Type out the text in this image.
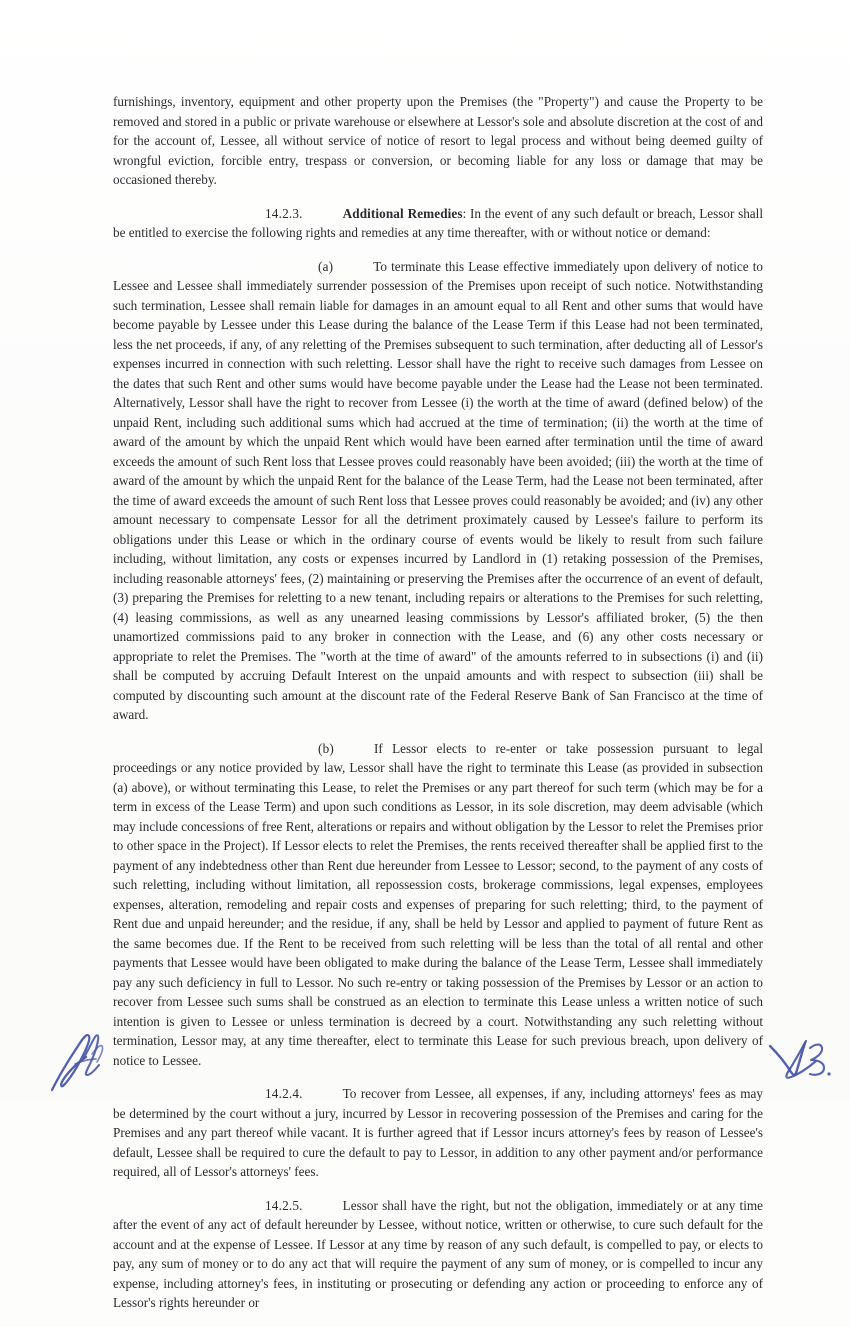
furnishings, inventory, equipment and other property upon the Premises (the "Property") and cause the Property to be removed and stored in a public or private warehouse or elsewhere at Lessor's sole and absolute discretion at the cost of and for the account of, Lessee, all without service of notice of resort to legal process and without being deemed guilty of wrongful eviction, forcible entry, trespass or conversion, or becoming liable for any loss or damage that may be occasioned thereby.

14.2.3.	Additional Remedies: In the event of any such default or breach, Lessor shall be entitled to exercise the following rights and remedies at any time thereafter, with or without notice or demand:

(a)	To terminate this Lease effective immediately upon delivery of notice to Lessee and Lessee shall immediately surrender possession of the Premises upon receipt of such notice. Notwithstanding such termination, Lessee shall remain liable for damages in an amount equal to all Rent and other sums that would have become payable by Lessee under this Lease during the balance of the Lease Term if this Lease had not been terminated, less the net proceeds, if any, of any reletting of the Premises subsequent to such termination, after deducting all of Lessor's expenses incurred in connection with such reletting. Lessor shall have the right to receive such damages from Lessee on the dates that such Rent and other sums would have become payable under the Lease had the Lease not been terminated. Alternatively, Lessor shall have the right to recover from Lessee (i) the worth at the time of award (defined below) of the unpaid Rent, including such additional sums which had accrued at the time of termination; (ii) the worth at the time of award of the amount by which the unpaid Rent which would have been earned after termination until the time of award exceeds the amount of such Rent loss that Lessee proves could reasonably have been avoided; (iii) the worth at the time of award of the amount by which the unpaid Rent for the balance of the Lease Term, had the Lease not been terminated, after the time of award exceeds the amount of such Rent loss that Lessee proves could reasonably be avoided; and (iv) any other amount necessary to compensate Lessor for all the detriment proximately caused by Lessee's failure to perform its obligations under this Lease or which in the ordinary course of events would be likely to result from such failure including, without limitation, any costs or expenses incurred by Landlord in (1) retaking possession of the Premises, including reasonable attorneys' fees, (2) maintaining or preserving the Premises after the occurrence of an event of default, (3) preparing the Premises for reletting to a new tenant, including repairs or alterations to the Premises for such reletting, (4) leasing commissions, as well as any unearned leasing commissions by Lessor's affiliated broker, (5) the then unamortized commissions paid to any broker in connection with the Lease, and (6) any other costs necessary or appropriate to relet the Premises. The "worth at the time of award" of the amounts referred to in subsections (i) and (ii) shall be computed by accruing Default Interest on the unpaid amounts and with respect to subsection (iii) shall be computed by discounting such amount at the discount rate of the Federal Reserve Bank of San Francisco at the time of award.

(b)	If Lessor elects to re-enter or take possession pursuant to legal proceedings or any notice provided by law, Lessor shall have the right to terminate this Lease (as provided in subsection (a) above), or without terminating this Lease, to relet the Premises or any part thereof for such term (which may be for a term in excess of the Lease Term) and upon such conditions as Lessor, in its sole discretion, may deem advisable (which may include concessions of free Rent, alterations or repairs and without obligation by the Lessor to relet the Premises prior to other space in the Project). If Lessor elects to relet the Premises, the rents received thereafter shall be applied first to the payment of any indebtedness other than Rent due hereunder from Lessee to Lessor; second, to the payment of any costs of such reletting, including without limitation, all repossession costs, brokerage commissions, legal expenses, employees expenses, alteration, remodeling and repair costs and expenses of preparing for such reletting; third, to the payment of Rent due and unpaid hereunder; and the residue, if any, shall be held by Lessor and applied to payment of future Rent as the same becomes due. If the Rent to be received from such reletting will be less than the total of all rental and other payments that Lessee would have been obligated to make during the balance of the Lease Term, Lessee shall immediately pay any such deficiency in full to Lessor. No such re-entry or taking possession of the Premises by Lessor or an action to recover from Lessee such sums shall be construed as an election to terminate this Lease unless a written notice of such intention is given to Lessee or unless termination is decreed by a court. Notwithstanding any such reletting without termination, Lessor may, at any time thereafter, elect to terminate this Lease for such previous breach, upon delivery of notice to Lessee.

14.2.4.	To recover from Lessee, all expenses, if any, including attorneys' fees as may be determined by the court without a jury, incurred by Lessor in recovering possession of the Premises and caring for the Premises and any part thereof while vacant. It is further agreed that if Lessor incurs attorney's fees by reason of Lessee's default, Lessee shall be required to cure the default to pay to Lessor, in addition to any other payment and/or performance required, all of Lessor's attorneys' fees.

14.2.5.	Lessor shall have the right, but not the obligation, immediately or at any time after the event of any act of default hereunder by Lessee, without notice, written or otherwise, to cure such default for the account and at the expense of Lessee. If Lessor at any time by reason of any such default, is compelled to pay, or elects to pay, any sum of money or to do any act that will require the payment of any sum of money, or is compelled to incur any expense, including attorney's fees, in instituting or prosecuting or defending any action or proceeding to enforce any of Lessor's rights hereunder or
